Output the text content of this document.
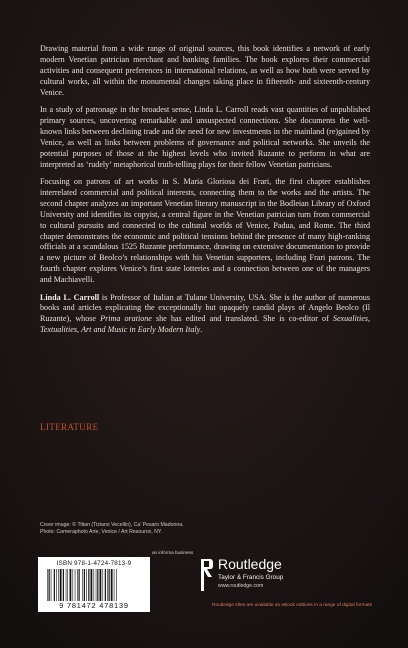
Drawing material from a wide range of original sources, this book identifies a network of early modern Venetian patrician merchant and banking families. The book explores their commercial activities and consequent preferences in international relations, as well as how both were served by cultural works, all within the monumental changes taking place in fifteenth- and sixteenth-century Venice.

In a study of patronage in the broadest sense, Linda L. Carroll reads vast quantities of unpublished primary sources, uncovering remarkable and unsuspected connections. She documents the well-known links between declining trade and the need for new investments in the mainland (re)gained by Venice, as well as links between problems of governance and political networks. She unveils the potential purposes of those at the highest levels who invited Ruzante to perform in what are interpreted as ‘rudely’ metaphorical truth-telling plays for their fellow Venetian patricians.

Focusing on patrons of art works in S. Maria Gloriosa dei Frari, the first chapter establishes interrelated commercial and political interests, connecting them to the works and the artists. The second chapter analyzes an important Venetian literary manuscript in the Bodleian Library of Oxford University and identifies its copyist, a central figure in the Venetian patrician turn from commercial to cultural pursuits and connected to the cultural worlds of Venice, Padua, and Rome. The third chapter demonstrates the economic and political tensions behind the presence of many high-ranking officials at a scandalous 1525 Ruzante performance, drawing on extensive documentation to provide a new picture of Beolco’s relationships with his Venetian supporters, including Frari patrons. The fourth chapter explores Venice’s first state lotteries and a connection between one of the managers and Machiavelli.

Linda L. Carroll is Professor of Italian at Tulane University, USA. She is the author of numerous books and articles explicating the exceptionally but opaquely candid plays of Angelo Beolco (Il Ruzante), whose Prima oratione she has edited and translated. She is co-editor of Sexualities, Textualities, Art and Music in Early Modern Italy.

LITERATURE
Cover image: © Titian (Tiziano Vecellio), Ca’ Pesaro Madonna.
Photo: Cameraphoto Arte, Venice / Art Resource, NY.
an informa business
ISBN 978-1-4724-7813-9
9 781472 478139
Routledge
Taylor & Francis Group
www.routledge.com
Routledge titles are available as eBook editions in a range of digital formats
